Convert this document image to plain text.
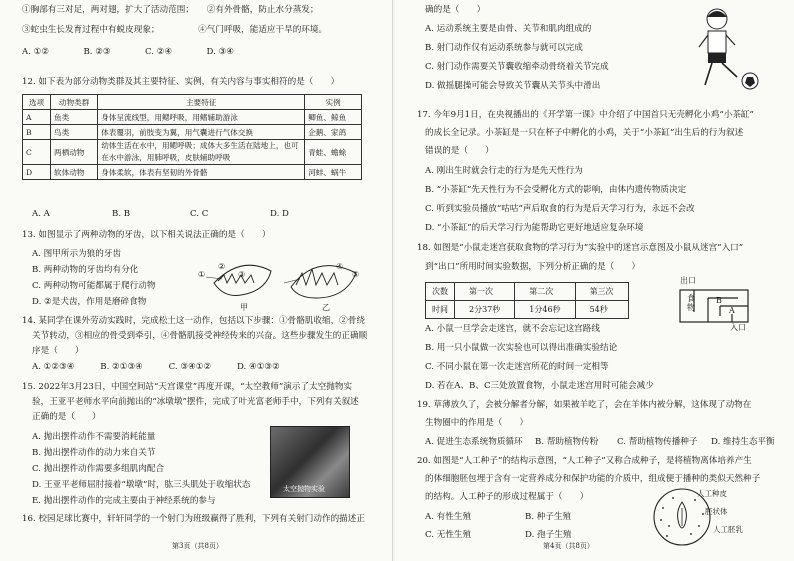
①胸部有三对足，两对翅，扩大了活动范围；　　②有外骨骼，防止水分蒸发；
③蛇虫生长发育过程中有蜕皮现象；　　　　　④气门呼吸，能适应干旱的环境。
A. ①②　　　　B. ②③　　　　C. ②④　　　　D. ③④
12. 如下表为部分动物类群及其主要特征、实例，有关内容与事实相符的是（　　）
选项	动物类群	主要特征	实例
A	鱼类	身体呈流线型，用鳃呼吸，用鳍辅助游泳	鲫鱼、鲸鱼
B	鸟类	体表覆羽，前肢变为翼，用气囊进行气体交换	企鹅、家鸽
C	两栖动物	幼体生活在水中，用鳃呼吸；成体大多生活在陆地上，也可在水中游泳，用肺呼吸，皮肤辅助呼吸	青蛙、蟾蜍
D	软体动物	身体柔软，体表有坚韧的外骨骼	河蚌、蜗牛
A. A	B. B	C. C	D. D
13. 如图显示了两种动物的牙齿，以下相关说法正确的是（　　）
A. 图甲所示为狼的牙齿
B. 两种动物的牙齿均有分化
C. 两种动物可能都属于爬行动物
D. ②是犬齿，作用是磨碎食物
①
②
③
④
⑤
甲	乙
14. 某同学在课外劳动实践时，完成松土这一动作，包括以下步骤：①骨骼肌收缩，②骨绕
关节转动，③相应的骨受到牵引，④骨骼肌接受神经传来的兴奋。这些步骤发生的正确顺
序是（　　）
A. ①②③④　　　B. ②①③④　　　C. ③④①②　　　D. ④①③②
15. 2022年3月23日，中国空间站“天宫课堂”再度开课，“太空教师”演示了太空抛物实
验，王亚平老师水平向前抛出的“冰墩墩”摆件，完成了叶光富老师手中，下列有关叙述
正确的是（　　）
A. 抛出摆件动作不需要消耗能量
B. 抛出摆件动作的动力来自关节
C. 抛出摆件动作需要多组肌肉配合
D. 王亚平老师屈肘接着“墩墩”时，肱三头肌处于收缩状态
E. 抛出摆件动作的完成主要由于神经系统的参与
太空抛物实验
16. 校园足球比赛中，轩轩同学的一个射门为班级赢得了胜利，下列有关射门动作的描述正
第3页（共8页）
确的是（　　）
A. 运动系统主要是由骨、关节和肌肉组成的
B. 射门动作仅有运动系统参与就可以完成
C. 射门动作需要关节囊收缩牵动骨绕着关节完成
D. 做摇腿操可能会导致关节囊从关节头中滑出
17. 今年9月1日，在央视播出的《开学第一课》中介绍了中国首只无壳孵化小鸡“小茶缸”
的成长全记录。小茶缸是一只在杯子中孵化的小鸡，关于“小茶缸”出生后的行为叙述
错误的是（　　）
A. 刚出生时就会行走的行为是先天性行为
B. “小茶缸”先天性行为不会受孵化方式的影响，由体内遗传物质决定
C. 听到实验员播放“咕咕”声后取食的行为是后天学习行为，永远不会改
D. “小茶缸”的后天学习行为能帮助它更好地适应复杂环境
18. 如图是“小鼠走迷宫获取食物的学习行为”实验中的迷宫示意图及小鼠从迷宫“入口”
到“出口”所用时间实验数据，下列分析正确的是（　　）
次数	第一次	第二次	第三次
时间	2分37秒	1分46秒	54秒
出口
食物
B
A
入口
A. 小鼠一旦学会走迷宫，就不会忘记这宫路线
B. 用一只小鼠做一次实验也可以得出准确实验结论
C. 不同小鼠在第一次走迷宫所花的时间一定相等
D. 若在A、B、C三处放置食物，小鼠走迷宫用时可能会减少
19. 草薄放久了，会被分解者分解，如果被羊吃了，会在羊体内被分解，这体现了动物在
生物圈中的作用是（　　）
A. 促进生态系统物质循环 B. 帮助植物传粉 C. 帮助植物传播种子 D. 维持生态平衡
20. 如图是“人工种子”的结构示意图，“人工种子”又称合成种子，是将植物离体培养产生
的体细胞胚包埋于含有一定营养成分和保护功能的介质中，组成便于播种的类似天然种子
的结构。人工种子的形成过程属于（　　）
A. 有性生殖	B. 种子生殖
C. 无性生殖	D. 孢子生殖
人工种皮
胚状体
人工胚乳
第4页（共8页）
